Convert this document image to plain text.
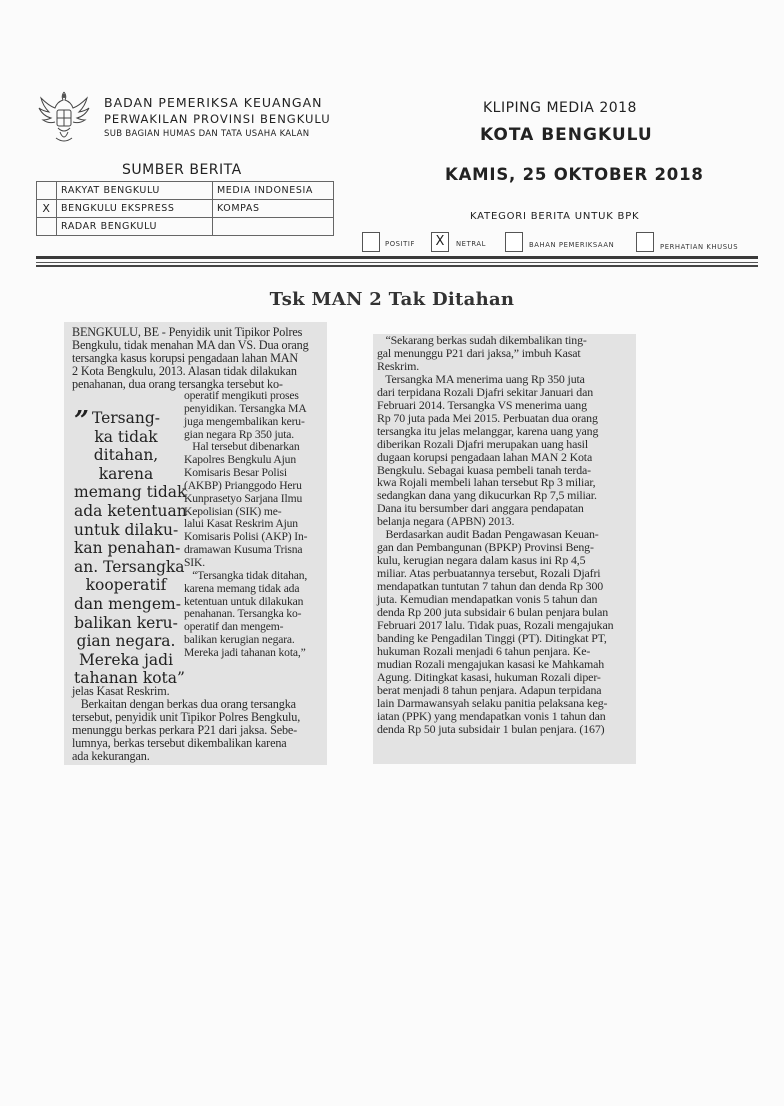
BADAN PEMERIKSA KEUANGAN
PERWAKILAN PROVINSI BENGKULU
SUB BAGIAN HUMAS DAN TATA USAHA KALAN
SUMBER BERITA
KLIPING MEDIA 2018
KOTA BENGKULU
KAMIS, 25 OKTOBER 2018
KATEGORI BERITA UNTUK BPK
	RAKYAT BENGKULU	MEDIA INDONESIA
X	BENGKULU EKSPRESS	KOMPAS
	RADAR BENGKULU	
POSITIF	X	NETRAL	BAHAN PEMERIKSAAN	PERHATIAN KHUSUS
Tsk MAN 2 Tak Ditahan
BENGKULU, BE - Penyidik unit Tipikor Polres
Bengkulu, tidak menahan MA dan VS. Dua orang
tersangka kasus korupsi pengadaan lahan MAN
2 Kota Bengkulu, 2013. Alasan tidak dilakukan
penahanan, dua orang tersangka tersebut ko-
” Tersang-
ka tidak
ditahan,
karena
memang tidak
ada ketentuan
untuk dilaku-
kan penahan-
an. Tersangka
kooperatif
dan mengem-
balikan keru-
gian negara.
Mereka jadi
tahanan kota”
operatif mengikuti proses
penyidikan. Tersangka MA
juga mengembalikan keru-
gian negara Rp 350 juta.
Hal tersebut dibenarkan
Kapolres Bengkulu Ajun
Komisaris Besar Polisi
(AKBP) Prianggodo Heru
Kunprasetyo Sarjana Ilmu
Kepolisian (SIK) me-
lalui Kasat Reskrim Ajun
Komisaris Polisi (AKP) In-
dramawan Kusuma Trisna
SIK.
“Tersangka tidak ditahan,
karena memang tidak ada
ketentuan untuk dilakukan
penahanan. Tersangka ko-
operatif dan mengem-
balikan kerugian negara.
Mereka jadi tahanan kota,”
jelas Kasat Reskrim.
Berkaitan dengan berkas dua orang tersangka
tersebut, penyidik unit Tipikor Polres Bengkulu,
menunggu berkas perkara P21 dari jaksa. Sebe-
lumnya, berkas tersebut dikembalikan karena
ada kekurangan.
“Sekarang berkas sudah dikembalikan ting-
gal menunggu P21 dari jaksa,” imbuh Kasat
Reskrim.
Tersangka MA menerima uang Rp 350 juta
dari terpidana Rozali Djafri sekitar Januari dan
Februari 2014. Tersangka VS menerima uang
Rp 70 juta pada Mei 2015. Perbuatan dua orang
tersangka itu jelas melanggar, karena uang yang
diberikan Rozali Djafri merupakan uang hasil
dugaan korupsi pengadaan lahan MAN 2 Kota
Bengkulu. Sebagai kuasa pembeli tanah terda-
kwa Rojali membeli lahan tersebut Rp 3 miliar,
sedangkan dana yang dikucurkan Rp 7,5 miliar.
Dana itu bersumber dari anggara pendapatan
belanja negara (APBN) 2013.
Berdasarkan audit Badan Pengawasan Keuan-
gan dan Pembangunan (BPKP) Provinsi Beng-
kulu, kerugian negara dalam kasus ini Rp 4,5
miliar. Atas perbuatannya tersebut, Rozali Djafri
mendapatkan tuntutan 7 tahun dan denda Rp 300
juta. Kemudian mendapatkan vonis 5 tahun dan
denda Rp 200 juta subsidair 6 bulan penjara bulan
Februari 2017 lalu. Tidak puas, Rozali mengajukan
banding ke Pengadilan Tinggi (PT). Ditingkat PT,
hukuman Rozali menjadi 6 tahun penjara. Ke-
mudian Rozali mengajukan kasasi ke Mahkamah
Agung. Ditingkat kasasi, hukuman Rozali diper-
berat menjadi 8 tahun penjara. Adapun terpidana
lain Darmawansyah selaku panitia pelaksana keg-
iatan (PPK) yang mendapatkan vonis 1 tahun dan
denda Rp 50 juta subsidair 1 bulan penjara. (167)
